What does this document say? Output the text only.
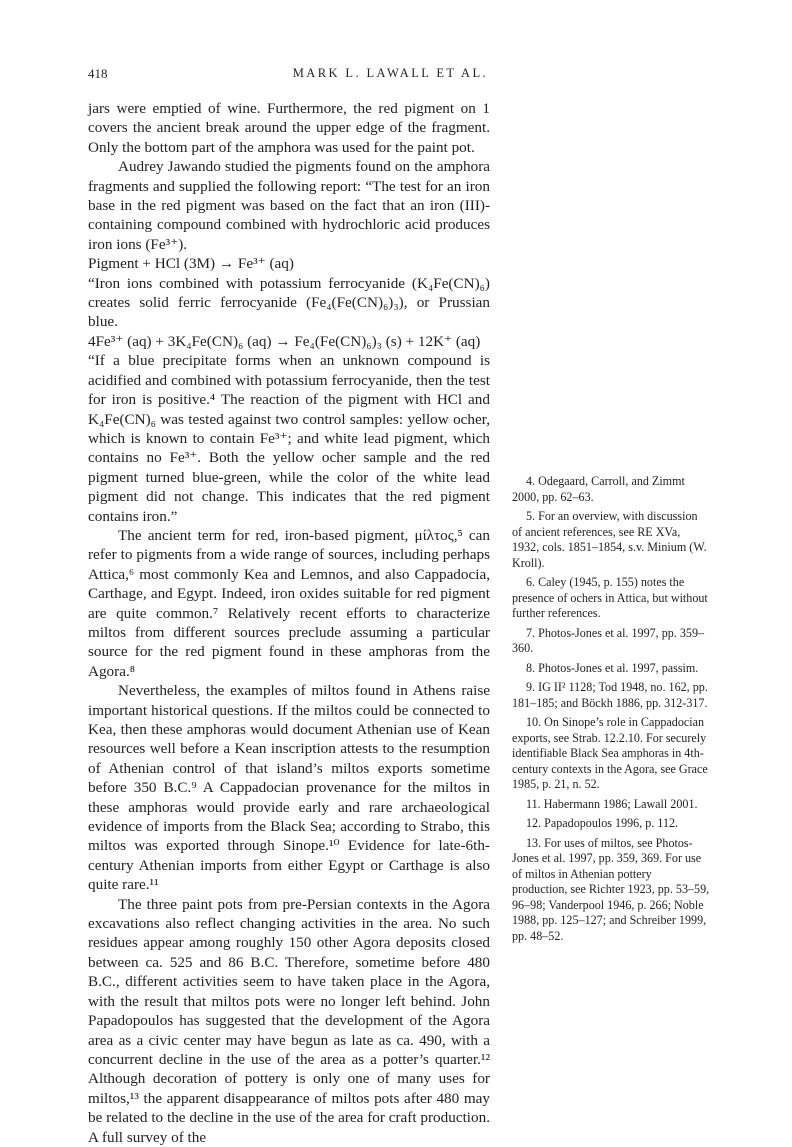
418	MARK L. LAWALL ET AL.

jars were emptied of wine. Furthermore, the red pigment on 1 covers the ancient break around the upper edge of the fragment. Only the bottom part of the amphora was used for the paint pot.

Audrey Jawando studied the pigments found on the amphora fragments and supplied the following report: “The test for an iron base in the red pigment was based on the fact that an iron (III)-containing compound combined with hydrochloric acid produces iron ions (Fe³⁺).

Pigment + HCl (3M) → Fe³⁺ (aq)

“Iron ions combined with potassium ferrocyanide (K₄Fe(CN)₆) creates solid ferric ferrocyanide (Fe₄(Fe(CN)₆)₃), or Prussian blue.

4Fe³⁺ (aq) + 3K₄Fe(CN)₆ (aq) → Fe₄(Fe(CN)₆)₃ (s) + 12K⁺ (aq)

“If a blue precipitate forms when an unknown compound is acidified and combined with potassium ferrocyanide, then the test for iron is positive.⁴ The reaction of the pigment with HCl and K₄Fe(CN)₆ was tested against two control samples: yellow ocher, which is known to contain Fe³⁺; and white lead pigment, which contains no Fe³⁺. Both the yellow ocher sample and the red pigment turned blue-green, while the color of the white lead pigment did not change. This indicates that the red pigment contains iron.”

The ancient term for red, iron-based pigment, μίλτος,⁵ can refer to pigments from a wide range of sources, including perhaps Attica,⁶ most commonly Kea and Lemnos, and also Cappadocia, Carthage, and Egypt. Indeed, iron oxides suitable for red pigment are quite common.⁷ Relatively recent efforts to characterize miltos from different sources preclude assuming a particular source for the red pigment found in these amphoras from the Agora.⁸

Nevertheless, the examples of miltos found in Athens raise important historical questions. If the miltos could be connected to Kea, then these amphoras would document Athenian use of Kean resources well before a Kean inscription attests to the resumption of Athenian control of that island’s miltos exports sometime before 350 B.C.⁹ A Cappadocian provenance for the miltos in these amphoras would provide early and rare archaeological evidence of imports from the Black Sea; according to Strabo, this miltos was exported through Sinope.¹⁰ Evidence for late-6th-century Athenian imports from either Egypt or Carthage is also quite rare.¹¹

The three paint pots from pre-Persian contexts in the Agora excavations also reflect changing activities in the area. No such residues appear among roughly 150 other Agora deposits closed between ca. 525 and 86 B.C. Therefore, sometime before 480 B.C., different activities seem to have taken place in the Agora, with the result that miltos pots were no longer left behind. John Papadopoulos has suggested that the development of the Agora area as a civic center may have begun as late as ca. 490, with a concurrent decline in the use of the area as a potter’s quarter.¹² Although decoration of pottery is only one of many uses for miltos,¹³ the apparent disappearance of miltos pots after 480 may be related to the decline in the use of the area for craft production. A full survey of the

4. Odegaard, Carroll, and Zimmt 2000, pp. 62–63.

5. For an overview, with discussion of ancient references, see RE XVa, 1932, cols. 1851–1854, s.v. Minium (W. Kroll).

6. Caley (1945, p. 155) notes the presence of ochers in Attica, but without further references.

7. Photos-Jones et al. 1997, pp. 359–360.

8. Photos-Jones et al. 1997, passim.

9. IG II² 1128; Tod 1948, no. 162, pp. 181–185; and Böckh 1886, pp. 312-317.

10. On Sinope’s role in Cappadocian exports, see Strab. 12.2.10. For securely identifiable Black Sea amphoras in 4th-century contexts in the Agora, see Grace 1985, p. 21, n. 52.

11. Habermann 1986; Lawall 2001.

12. Papadopoulos 1996, p. 112.

13. For uses of miltos, see Photos-Jones et al. 1997, pp. 359, 369. For use of miltos in Athenian pottery production, see Richter 1923, pp. 53–59, 96–98; Vanderpool 1946, p. 266; Noble 1988, pp. 125–127; and Schreiber 1999, pp. 48–52.
